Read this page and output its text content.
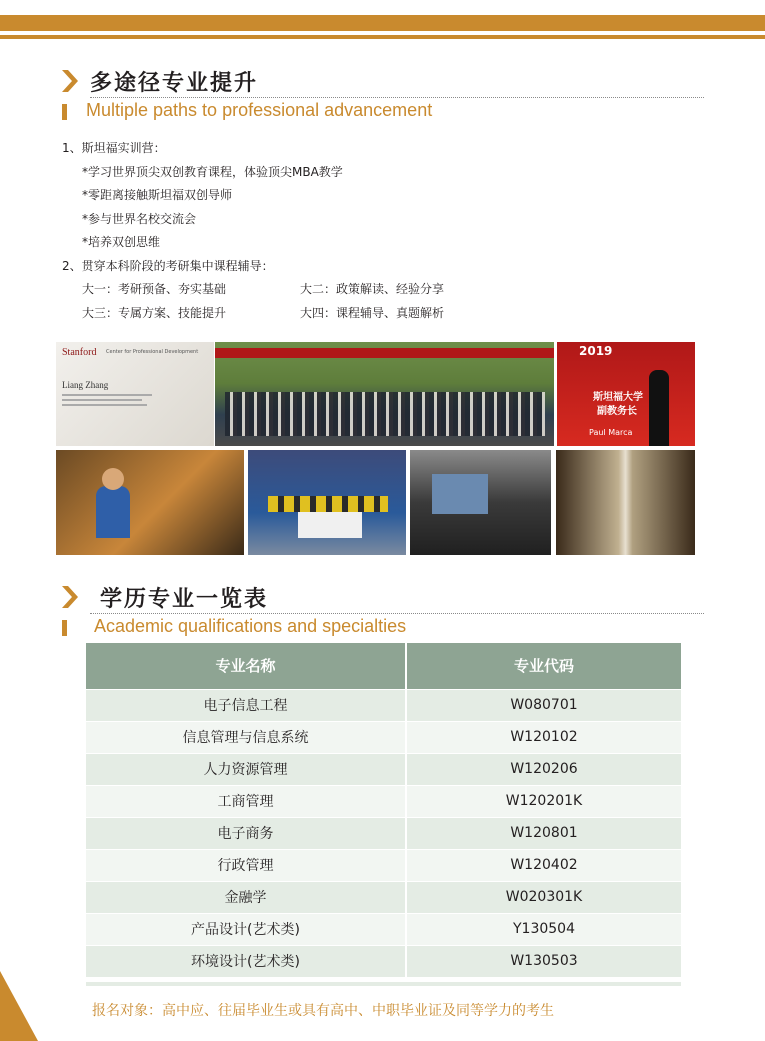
多途径专业提升
Multiple paths to professional advancement
1、斯坦福实训营：
*学习世界顶尖双创教育课程，体验顶尖MBA教学
*零距离接触斯坦福双创导师
*参与世界名校交流会
*培养双创思维
2、贯穿本科阶段的考研集中课程辅导：
大一：考研预备、夯实基础	大二：政策解读、经验分享
大三：专属方案、技能提升	大四：课程辅导、真题解析
Stanford Center for Professional Development
Liang Zhang
2019
斯坦福大学
副教务长
Paul Marca
学历专业一览表
Academic qualifications and specialties
专业名称	专业代码
电子信息工程	W080701
信息管理与信息系统	W120102
人力资源管理	W120206
工商管理	W120201K
电子商务	W120801
行政管理	W120402
金融学	W020301K
产品设计(艺术类)	Y130504
环境设计(艺术类)	W130503
报名对象：高中应、往届毕业生或具有高中、中职毕业证及同等学力的考生
